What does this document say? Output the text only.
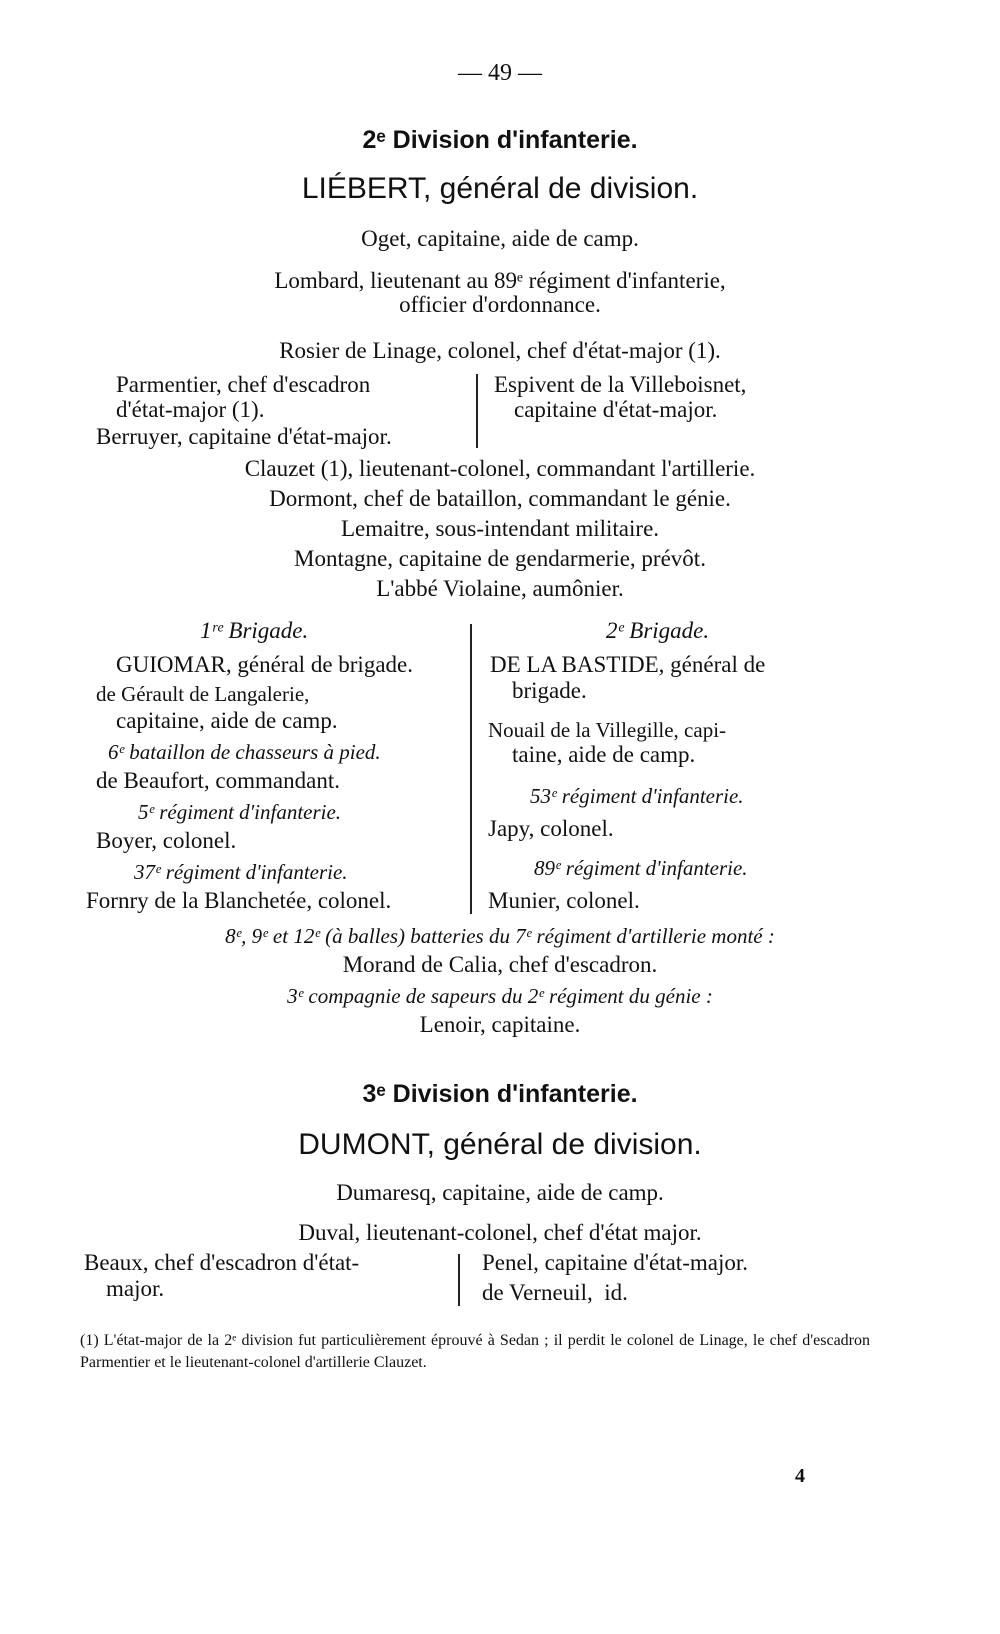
— 49 —
2ᵉ Division d'infanterie.
LIÉBERT, général de division.
Oget, capitaine, aide de camp.
Lombard, lieutenant au 89ᵉ régiment d'infanterie,
officier d'ordonnance.
Rosier de Linage, colonel, chef d'état-major (1).
Parmentier, chef d'escadron
d'état-major (1).
Berruyer, capitaine d'état-major.
Espivent de la Villeboisnet,
capitaine d'état-major.
Clauzet (1), lieutenant-colonel, commandant l'artillerie.
Dormont, chef de bataillon, commandant le génie.
Lemaitre, sous-intendant militaire.
Montagne, capitaine de gendarmerie, prévôt.
L'abbé Violaine, aumônier.
1ʳᵉ Brigade.
GUIOMAR, général de brigade.
de Gérault de Langalerie,
capitaine, aide de camp.
6ᵉ bataillon de chasseurs à pied.
de Beaufort, commandant.
5ᵉ régiment d'infanterie.
Boyer, colonel.
37ᵉ régiment d'infanterie.
Fornry de la Blanchetée, colonel.
2ᵉ Brigade.
DE LA BASTIDE, général de
brigade.
Nouail de la Villegille, capi-
taine, aide de camp.
53ᵉ régiment d'infanterie.
Japy, colonel.
89ᵉ régiment d'infanterie.
Munier, colonel.
8ᵉ, 9ᵉ et 12ᵉ (à balles) batteries du 7ᵉ régiment d'artillerie monté :
Morand de Calia, chef d'escadron.
3ᵉ compagnie de sapeurs du 2ᵉ régiment du génie :
Lenoir, capitaine.
3ᵉ Division d'infanterie.
DUMONT, général de division.
Dumaresq, capitaine, aide de camp.
Duval, lieutenant-colonel, chef d'état major.
Beaux, chef d'escadron d'état-
major.
Penel, capitaine d'état-major.
de Verneuil,  id.
(1) L'état-major de la 2ᵉ division fut particulièrement éprouvé à Sedan ; il perdit le colonel de Linage, le chef d'escadron Parmentier et le lieutenant-colonel d'artillerie Clauzet.
4
